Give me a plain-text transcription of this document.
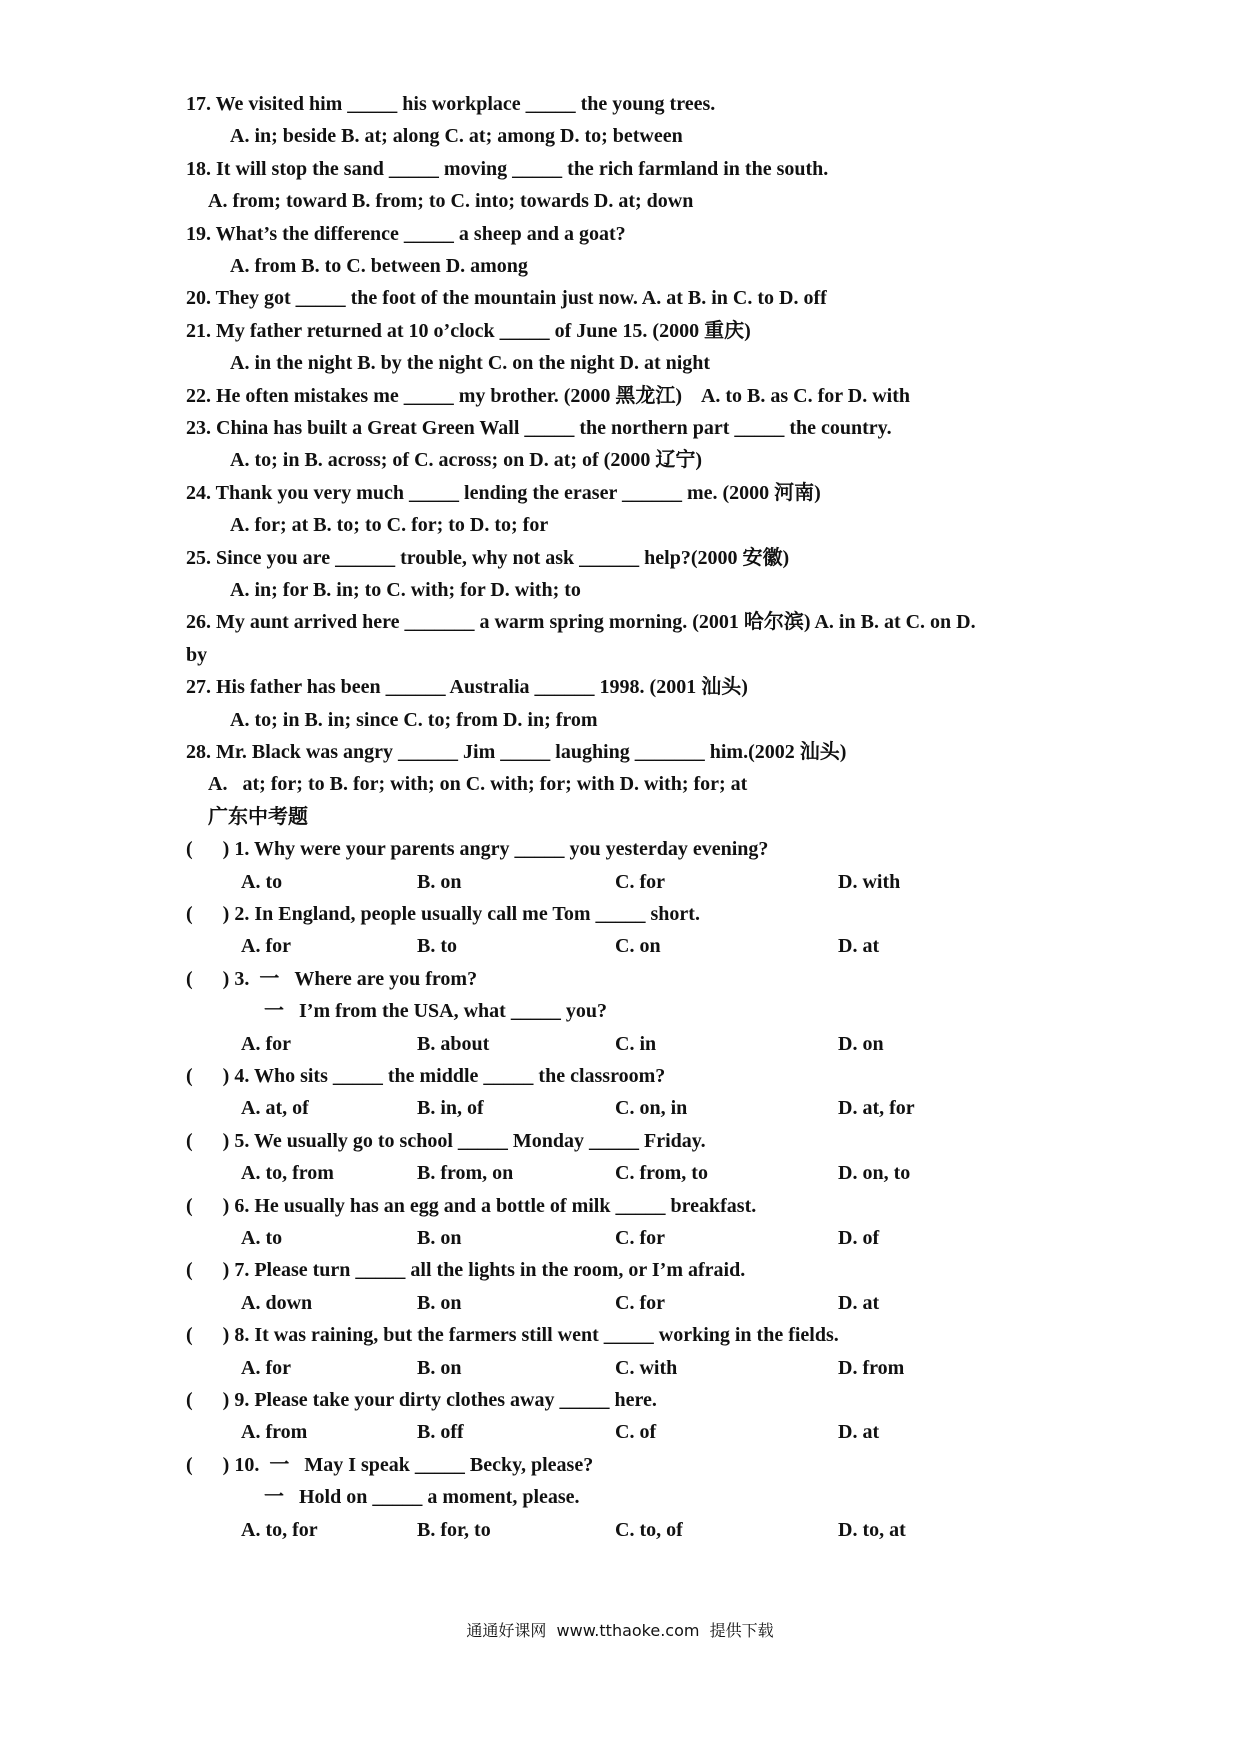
17. We visited him _____ his workplace _____ the young trees.
A. in; beside B. at; along C. at; among D. to; between
18. It will stop the sand _____ moving _____ the rich farmland in the south.
A. from; toward B. from; to C. into; towards D. at; down
19. What’s the difference _____ a sheep and a goat?
A. from B. to C. between D. among
20. They got _____ the foot of the mountain just now. A. at B. in C. to D. off
21. My father returned at 10 o’clock _____ of June 15. (2000 重庆)
A. in the night B. by the night C. on the night D. at night
22. He often mistakes me _____ my brother. (2000 黑龙江)    A. to B. as C. for D. with
23. China has built a Great Green Wall _____ the northern part _____ the country.
A. to; in B. across; of C. across; on D. at; of (2000 辽宁)
24. Thank you very much _____ lending the eraser ______ me. (2000 河南)
A. for; at B. to; to C. for; to D. to; for
25. Since you are ______ trouble, why not ask ______ help?(2000 安徽)
A. in; for B. in; to C. with; for D. with; to
26. My aunt arrived here _______ a warm spring morning. (2001 哈尔滨) A. in B. at C. on D.
by
27. His father has been ______ Australia ______ 1998. (2001 汕头)
A. to; in B. in; since C. to; from D. in; from
28. Mr. Black was angry ______ Jim _____ laughing _______ him.(2002 汕头)
A.   at; for; to B. for; with; on C. with; for; with D. with; for; at
广东中考题
(      ) 1. Why were your parents angry _____ you yesterday evening?
A. to	B. on	C. for	D. with
(      ) 2. In England, people usually call me Tom _____ short.
A. for	B. to	C. on	D. at
(      ) 3.  一   Where are you from?
一   I’m from the USA, what _____ you?
A. for	B. about	C. in	D. on
(      ) 4. Who sits _____ the middle _____ the classroom?
A. at, of	B. in, of	C. on, in	D. at, for
(      ) 5. We usually go to school _____ Monday _____ Friday.
A. to, from	B. from, on	C. from, to	D. on, to
(      ) 6. He usually has an egg and a bottle of milk _____ breakfast.
A. to	B. on	C. for	D. of
(      ) 7. Please turn _____ all the lights in the room, or I’m afraid.
A. down	B. on	C. for	D. at
(      ) 8. It was raining, but the farmers still went _____ working in the fields.
A. for	B. on	C. with	D. from
(      ) 9. Please take your dirty clothes away _____ here.
A. from	B. off	C. of	D. at
(      ) 10.  一   May I speak _____ Becky, please?
一   Hold on _____ a moment, please.
A. to, for	B. for, to	C. to, of	D. to, at
通通好课网  www.tthaoke.com  提供下载
